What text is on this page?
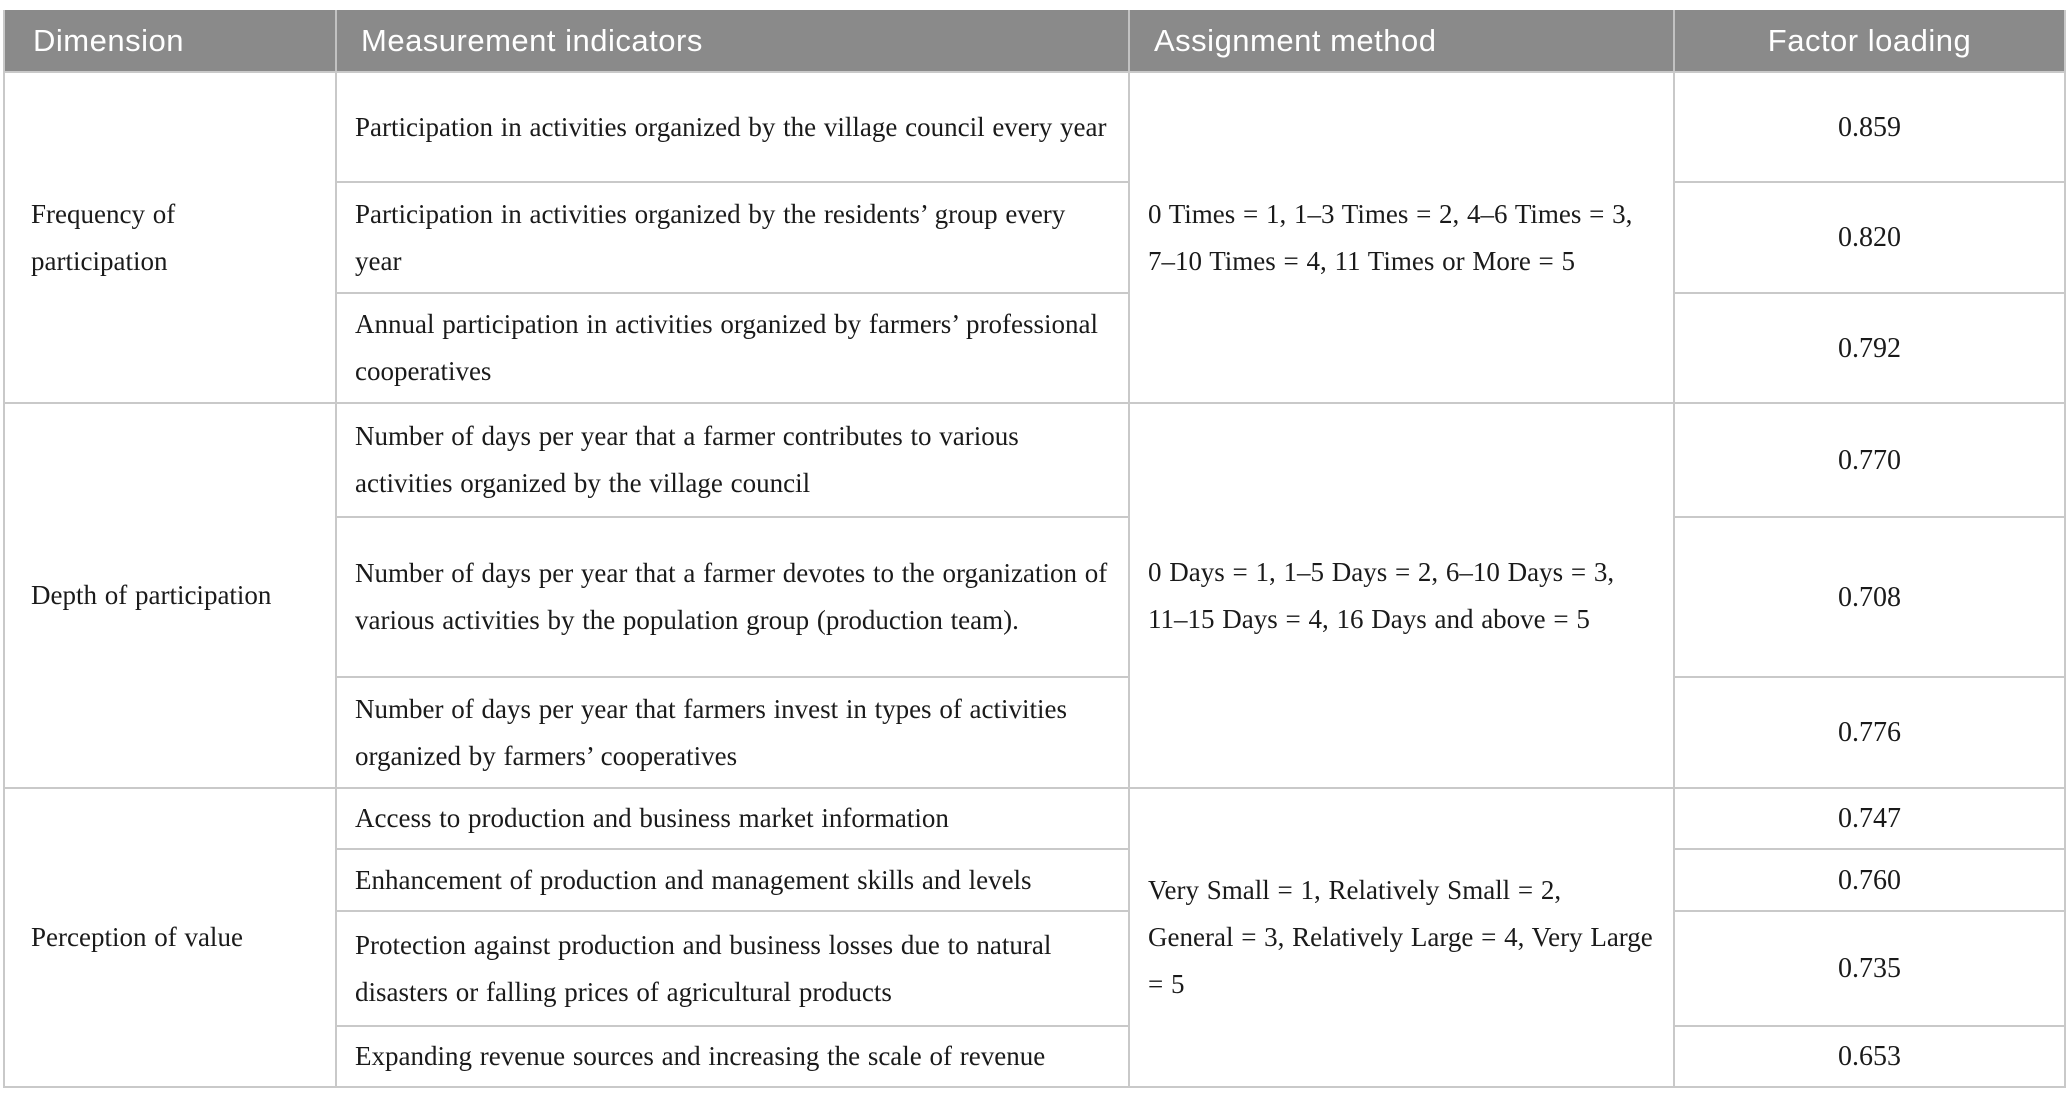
Dimension	Measurement indicators	Assignment method	Factor loading
Frequency of participation	Participation in activities organized by the village council every year	0 Times = 1, 1–3 Times = 2, 4–6 Times = 3, 7–10 Times = 4, 11 Times or More = 5	0.859
	Participation in activities organized by the residents’ group every year		0.820
	Annual participation in activities organized by farmers’ professional cooperatives		0.792
Depth of participation	Number of days per year that a farmer contributes to various activities organized by the village council	0 Days = 1, 1–5 Days = 2, 6–10 Days = 3, 11–15 Days = 4, 16 Days and above = 5	0.770
	Number of days per year that a farmer devotes to the organization of various activities by the population group (production team).		0.708
	Number of days per year that farmers invest in types of activities organized by farmers’ cooperatives		0.776
Perception of value	Access to production and business market information	Very Small = 1, Relatively Small = 2, General = 3, Relatively Large = 4, Very Large = 5	0.747
	Enhancement of production and management skills and levels		0.760
	Protection against production and business losses due to natural disasters or falling prices of agricultural products		0.735
	Expanding revenue sources and increasing the scale of revenue		0.653
